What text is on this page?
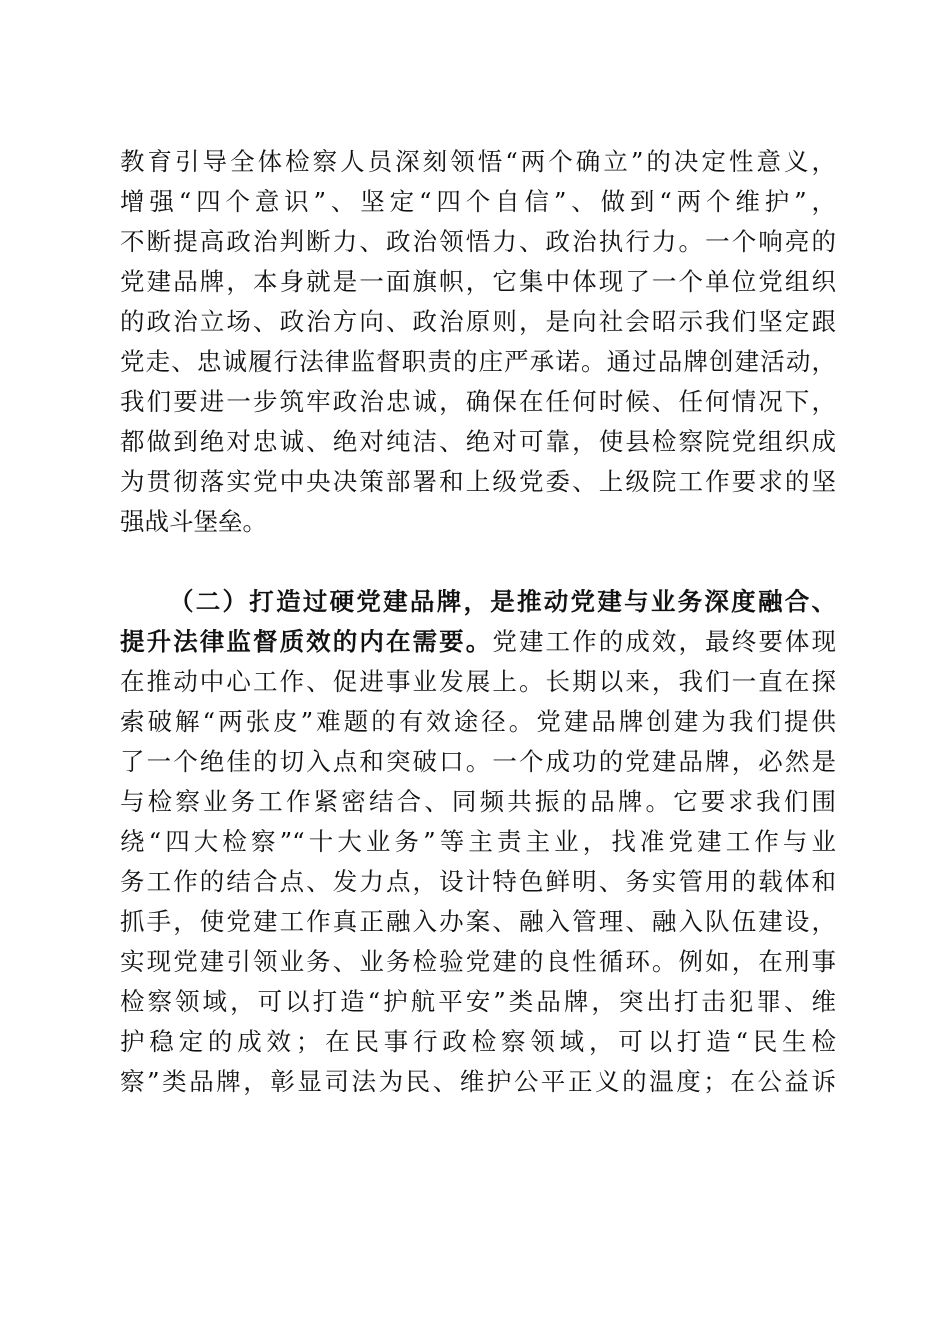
教育引导全体检察人员深刻领悟“两个确立”的决定性意义，
增强“四个意识”、坚定“四个自信”、做到“两个维护”，
不断提高政治判断力、政治领悟力、政治执行力。一个响亮的
党建品牌，本身就是一面旗帜，它集中体现了一个单位党组织
的政治立场、政治方向、政治原则，是向社会昭示我们坚定跟
党走、忠诚履行法律监督职责的庄严承诺。通过品牌创建活动，
我们要进一步筑牢政治忠诚，确保在任何时候、任何情况下，
都做到绝对忠诚、绝对纯洁、绝对可靠，使县检察院党组织成
为贯彻落实党中央决策部署和上级党委、上级院工作要求的坚
强战斗堡垒。
（二）打造过硬党建品牌，是推动党建与业务深度融合、
提升法律监督质效的内在需要。党建工作的成效，最终要体现
在推动中心工作、促进事业发展上。长期以来，我们一直在探
索破解“两张皮”难题的有效途径。党建品牌创建为我们提供
了一个绝佳的切入点和突破口。一个成功的党建品牌，必然是
与检察业务工作紧密结合、同频共振的品牌。它要求我们围
绕“四大检察”“十大业务”等主责主业，找准党建工作与业
务工作的结合点、发力点，设计特色鲜明、务实管用的载体和
抓手，使党建工作真正融入办案、融入管理、融入队伍建设，
实现党建引领业务、业务检验党建的良性循环。例如，在刑事
检察领域，可以打造“护航平安”类品牌，突出打击犯罪、维
护稳定的成效；在民事行政检察领域，可以打造“民生检
察”类品牌，彰显司法为民、维护公平正义的温度；在公益诉
